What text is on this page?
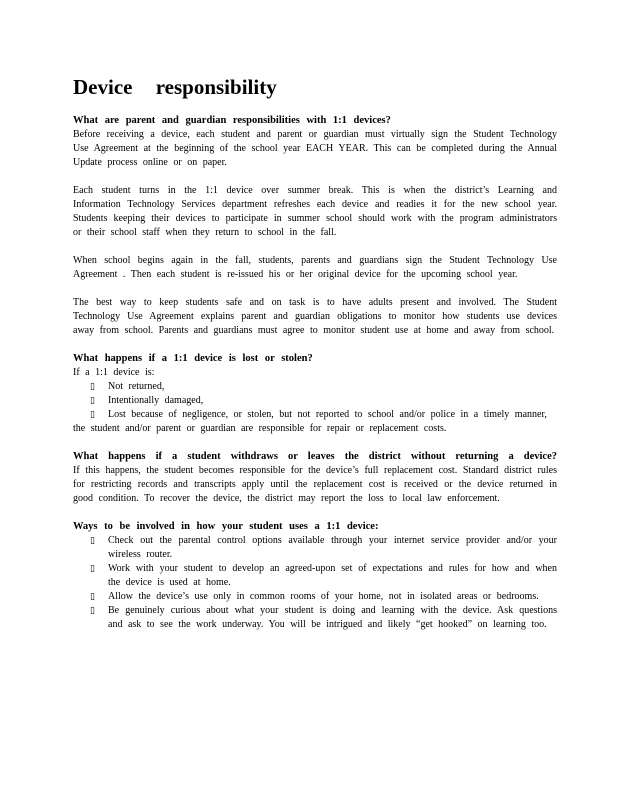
Device responsibility
What are parent and guardian responsibilities with 1:1 devices?

Before receiving a device, each student and parent or guardian must virtually sign the Student Technology Use Agreement at the beginning of the school year EACH YEAR. This can be completed during the Annual Update process online or on paper.

Each student turns in the 1:1 device over summer break. This is when the district’s Learning and Information Technology Services department refreshes each device and readies it for the new school year. Students keeping their devices to participate in summer school should work with the program administrators or their school staff when they return to school in the fall.

When school begins again in the fall, students, parents and guardians sign the Student Technology Use Agreement . Then each student is re-issued his or her original device for the upcoming school year.

The best way to keep students safe and on task is to have adults present and involved. The Student Technology Use Agreement explains parent and guardian obligations to monitor how students use devices away from school. Parents and guardians must agree to monitor student use at home and away from school.

What happens if a 1:1 device is lost or stolen?

If a 1:1 device is:

▯ Not returned,
▯ Intentionally damaged,
▯ Lost because of negligence, or stolen, but not reported to school and/or police in a timely manner,

the student and/or parent or guardian are responsible for repair or replacement costs.

What happens if a student withdraws or leaves the district without returning a device?

If this happens, the student becomes responsible for the device’s full replacement cost. Standard district rules for restricting records and transcripts apply until the replacement cost is received or the device returned in good condition. To recover the device, the district may report the loss to local law enforcement.

Ways to be involved in how your student uses a 1:1 device:
▯ Check out the parental control options available through your internet service provider and/or your wireless router.
▯ Work with your student to develop an agreed-upon set of expectations and rules for how and when the device is used at home.
▯ Allow the device’s use only in common rooms of your home, not in isolated areas or bedrooms.
▯ Be genuinely curious about what your student is doing and learning with the device. Ask questions and ask to see the work underway. You will be intrigued and likely “get hooked” on learning too.
